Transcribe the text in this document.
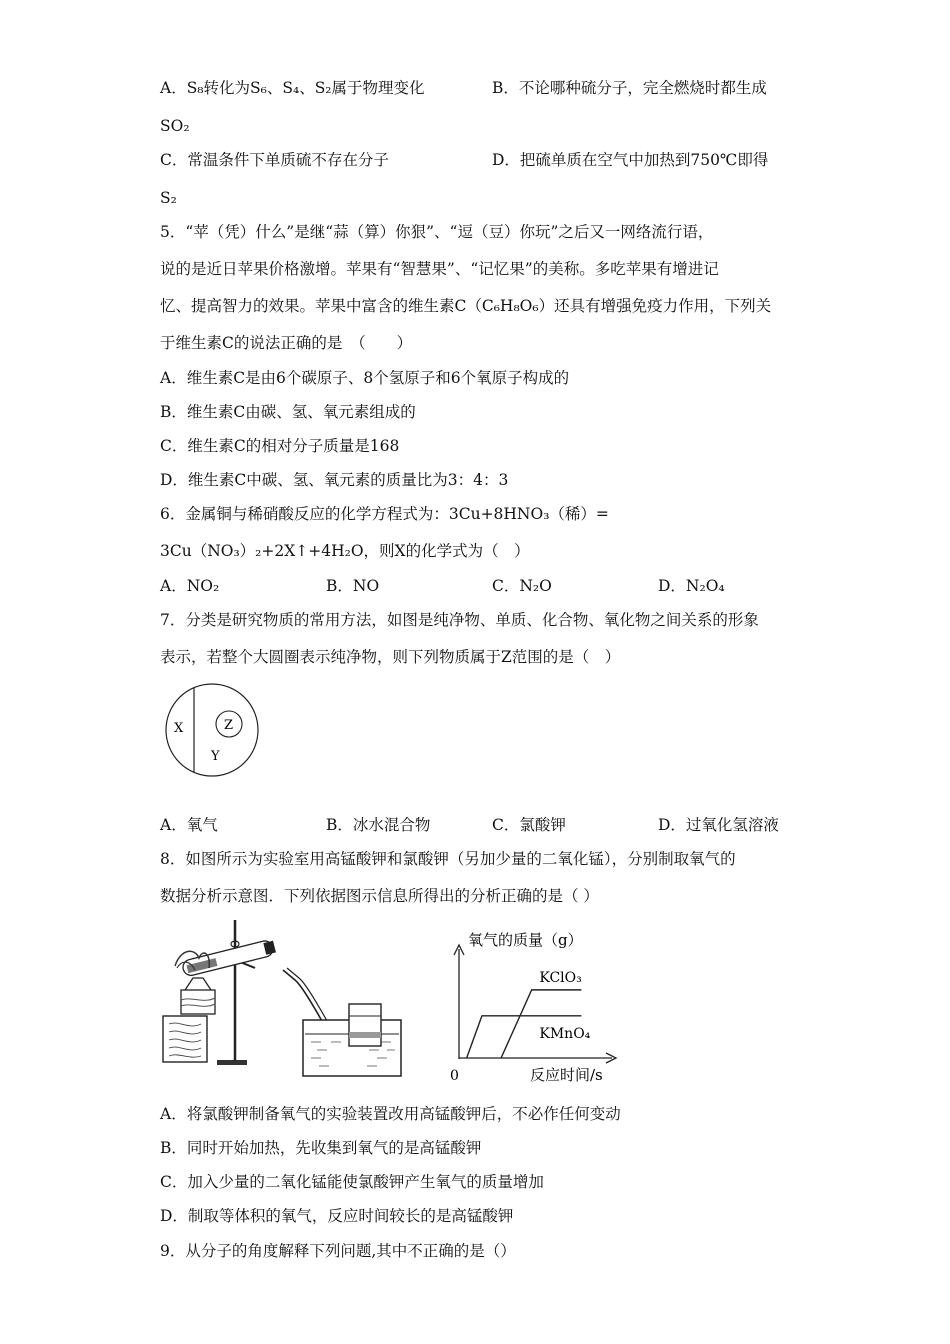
A．S₈转化为S₆、S₄、S₂属于物理变化	B．不论哪种硫分子，完全燃烧时都生成
SO₂
C．常温条件下单质硫不存在分子	D．把硫单质在空气中加热到750℃即得
S₂
5．“苹（凭）什么”是继“蒜（算）你狠”、“逗（豆）你玩”之后又一网络流行语，
说的是近日苹果价格激增。苹果有“智慧果”、“记忆果”的美称。多吃苹果有增进记
忆、提高智力的效果。苹果中富含的维生素C（C₆H₈O₆）还具有增强免疫力作用，下列关
于维生素C的说法正确的是　（　　）
A．维生素C是由6个碳原子、8个氢原子和6个氧原子构成的
B．维生素C由碳、氢、氧元素组成的
C．维生素C的相对分子质量是168
D．维生素C中碳、氢、氧元素的质量比为3：4：3
6．金属铜与稀硝酸反应的化学方程式为：3Cu+8HNO₃（稀）=
3Cu（NO₃）₂+2X↑+4H₂O，则X的化学式为（　）
A．NO₂	B．NO	C．N₂O	D．N₂O₄
7．分类是研究物质的常用方法，如图是纯净物、单质、化合物、氧化物之间关系的形象
表示，若整个大圆圈表示纯净物，则下列物质属于Z范围的是（　）
X	Z
Y
A．氧气	B．冰水混合物	C．氯酸钾	D．过氧化氢溶液
8．如图所示为实验室用高锰酸钾和氯酸钾（另加少量的二氧化锰），分别制取氧气的
数据分析示意图．下列依据图示信息所得出的分析正确的是（ ）
氧气的质量（g）
反应时间/s
0
KClO₃
KMnO₄
A．将氯酸钾制备氧气的实验装置改用高锰酸钾后，不必作任何变动
B．同时开始加热，先收集到氧气的是高锰酸钾
C．加入少量的二氧化锰能使氯酸钾产生氧气的质量增加
D．制取等体积的氧气，反应时间较长的是高锰酸钾
9．从分子的角度解释下列问题,其中不正确的是（）
